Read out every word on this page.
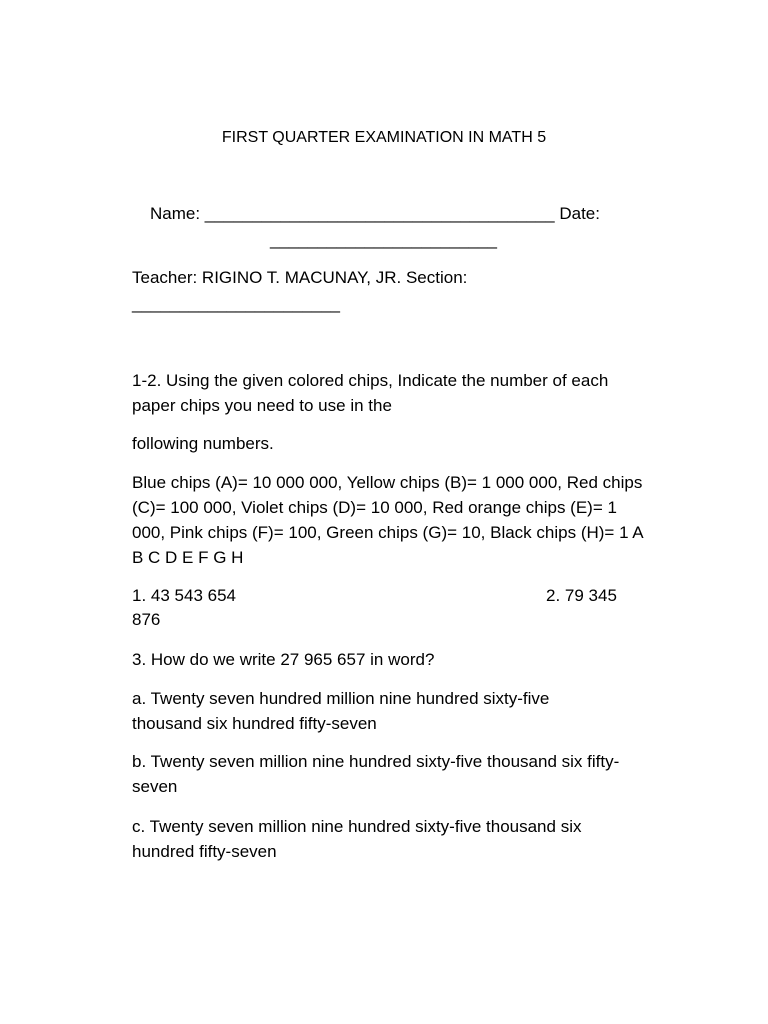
FIRST QUARTER EXAMINATION IN MATH 5
Name: _____________________________________ Date:
________________________
Teacher: RIGINO T. MACUNAY, JR. Section:
______________________

1-2. Using the given colored chips, Indicate the number of each paper chips you need to use in the

following numbers.

Blue chips (A)= 10 000 000, Yellow chips (B)= 1 000 000, Red chips (C)= 100 000, Violet chips (D)= 10 000, Red orange chips (E)= 1 000, Pink chips (F)= 100, Green chips (G)= 10, Black chips (H)= 1 A B C D E F G H

1. 43 543 654	2. 79 345
876
3. How do we write 27 965 657 in word?

a. Twenty seven hundred million nine hundred sixty-five thousand six hundred fifty-seven

b. Twenty seven million nine hundred sixty-five thousand six fifty-seven

c. Twenty seven million nine hundred sixty-five thousand six hundred fifty-seven
